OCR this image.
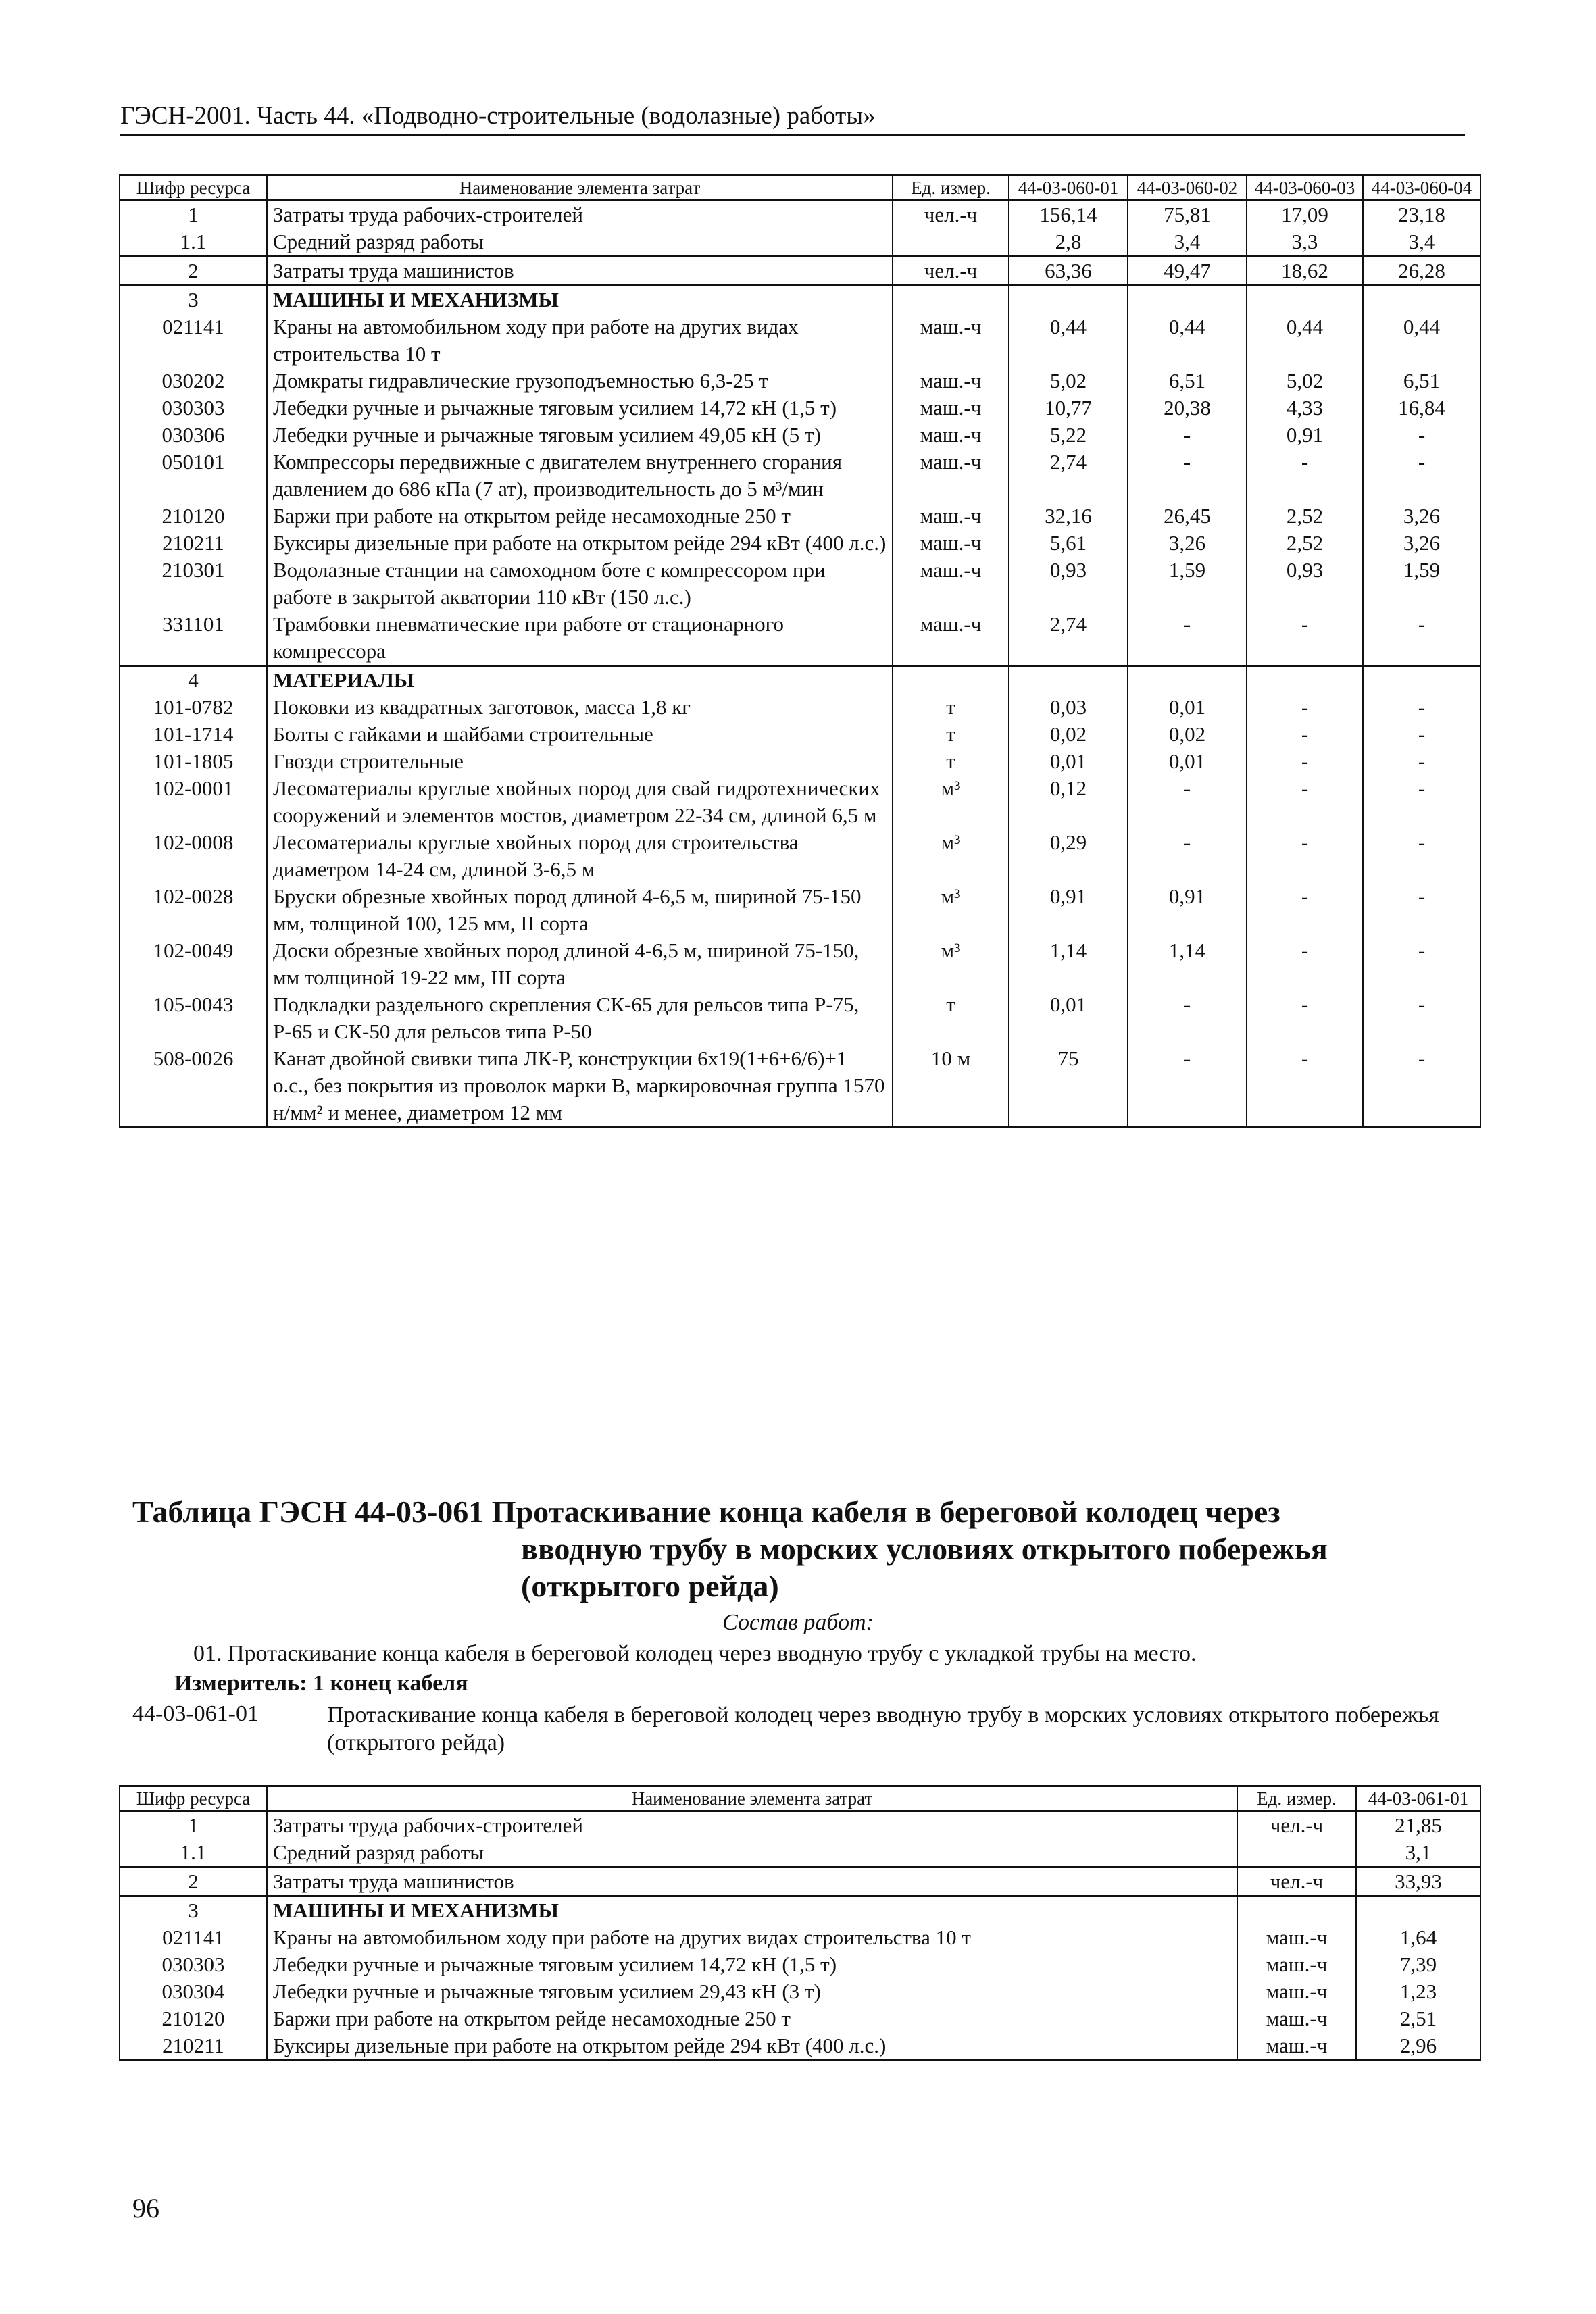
ГЭСН-2001. Часть 44. «Подводно-строительные (водолазные) работы»
Шифр ресурса	Наименование элемента затрат	Ед. измер.	44-03-060-01	44-03-060-02	44-03-060-03	44-03-060-04
1	Затраты труда рабочих-строителей	чел.-ч	156,14	75,81	17,09	23,18
1.1	Средний разряд работы		2,8	3,4	3,3	3,4
2	Затраты труда машинистов	чел.-ч	63,36	49,47	18,62	26,28
3	МАШИНЫ И МЕХАНИЗМЫ					
021141	Краны на автомобильном ходу при работе на других видах строительства 10 т	маш.-ч	0,44	0,44	0,44	0,44
030202	Домкраты гидравлические грузоподъемностью 6,3-25 т	маш.-ч	5,02	6,51	5,02	6,51
030303	Лебедки ручные и рычажные тяговым усилием 14,72 кН (1,5 т)	маш.-ч	10,77	20,38	4,33	16,84
030306	Лебедки ручные и рычажные тяговым усилием 49,05 кН (5 т)	маш.-ч	5,22	-	0,91	-
050101	Компрессоры передвижные с двигателем внутреннего сгорания давлением до 686 кПа (7 ат), производительность до 5 м³/мин	маш.-ч	2,74	-	-	-
210120	Баржи при работе на открытом рейде несамоходные 250 т	маш.-ч	32,16	26,45	2,52	3,26
210211	Буксиры дизельные при работе на открытом рейде 294 кВт (400 л.с.)	маш.-ч	5,61	3,26	2,52	3,26
210301	Водолазные станции на самоходном боте с компрессором при работе в закрытой акватории 110 кВт (150 л.с.)	маш.-ч	0,93	1,59	0,93	1,59
331101	Трамбовки пневматические при работе от стационарного компрессора	маш.-ч	2,74	-	-	-
4	МАТЕРИАЛЫ					
101-0782	Поковки из квадратных заготовок, масса 1,8 кг	т	0,03	0,01	-	-
101-1714	Болты с гайками и шайбами строительные	т	0,02	0,02	-	-
101-1805	Гвозди строительные	т	0,01	0,01	-	-
102-0001	Лесоматериалы круглые хвойных пород для свай гидротехнических сооружений и элементов мостов, диаметром 22-34 см, длиной 6,5 м	м³	0,12	-	-	-
102-0008	Лесоматериалы круглые хвойных пород для строительства диаметром 14-24 см, длиной 3-6,5 м	м³	0,29	-	-	-
102-0028	Бруски обрезные хвойных пород длиной 4-6,5 м, шириной 75-150 мм, толщиной 100, 125 мм, II сорта	м³	0,91	0,91	-	-
102-0049	Доски обрезные хвойных пород длиной 4-6,5 м, шириной 75-150, мм толщиной 19-22 мм, III сорта	м³	1,14	1,14	-	-
105-0043	Подкладки раздельного скрепления СК-65 для рельсов типа Р-75, Р-65 и СК-50 для рельсов типа Р-50	т	0,01	-	-	-
508-0026	Канат двойной свивки типа ЛК-Р, конструкции 6х19(1+6+6/6)+1 о.с., без покрытия из проволок марки В, маркировочная группа 1570 н/мм² и менее, диаметром 12 мм	10 м	75	-	-	-
Таблица ГЭСН 44-03-061 Протаскивание конца кабеля в береговой колодец через
вводную трубу в морских условиях открытого побережья
(открытого рейда)
Состав работ:
01. Протаскивание конца кабеля в береговой колодец через вводную трубу с укладкой трубы на место.
Измеритель: 1 конец кабеля
44-03-061-01	Протаскивание конца кабеля в береговой колодец через вводную трубу в морских условиях открытого побережья (открытого рейда)
Шифр ресурса	Наименование элемента затрат	Ед. измер.	44-03-061-01
1	Затраты труда рабочих-строителей	чел.-ч	21,85
1.1	Средний разряд работы		3,1
2	Затраты труда машинистов	чел.-ч	33,93
3	МАШИНЫ И МЕХАНИЗМЫ		
021141	Краны на автомобильном ходу при работе на других видах строительства 10 т	маш.-ч	1,64
030303	Лебедки ручные и рычажные тяговым усилием 14,72 кН (1,5 т)	маш.-ч	7,39
030304	Лебедки ручные и рычажные тяговым усилием 29,43 кН (3 т)	маш.-ч	1,23
210120	Баржи при работе на открытом рейде несамоходные 250 т	маш.-ч	2,51
210211	Буксиры дизельные при работе на открытом рейде 294 кВт (400 л.с.)	маш.-ч	2,96
96
